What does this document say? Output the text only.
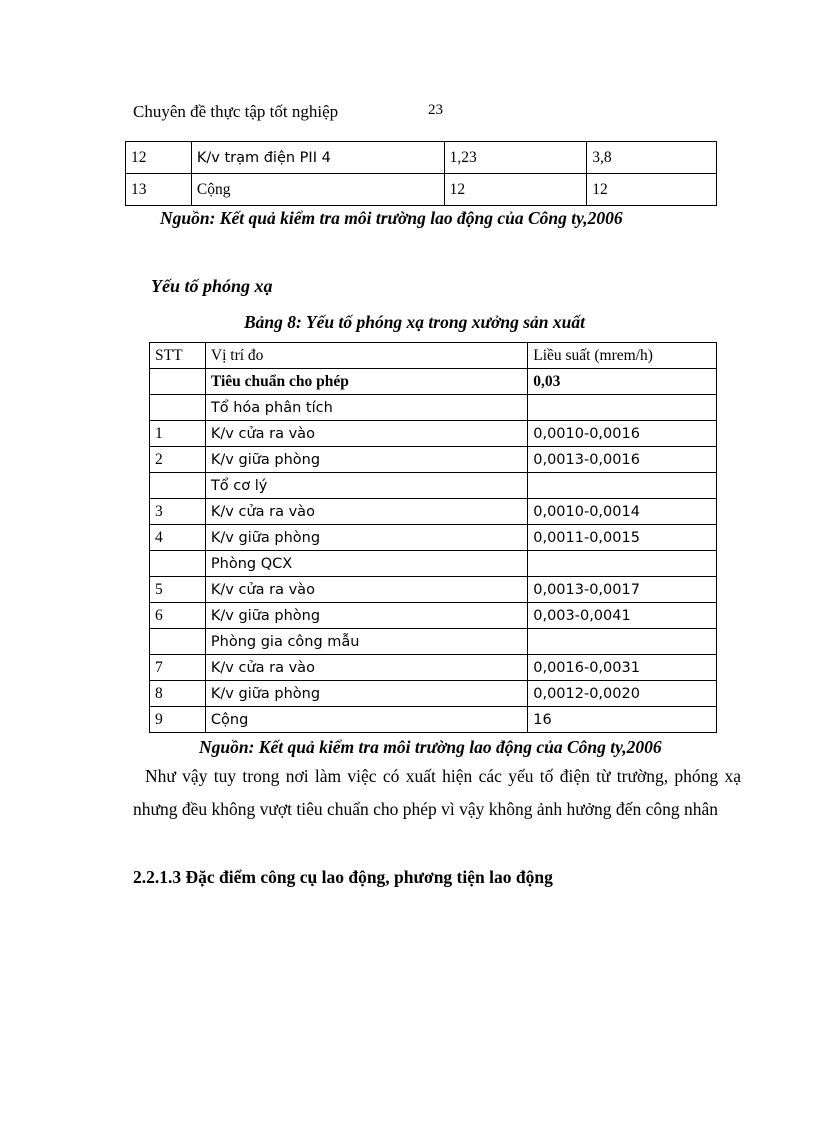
Chuyên đề thực tập tốt nghiệp	23
12	K/v trạm điện PII 4	1,23	3,8
13	Cộng	12	12
Nguồn: Kết quả kiểm tra môi trường lao động của Công ty,2006
Yếu tố phóng xạ
Bảng 8: Yếu tố phóng xạ trong xưởng sản xuất
STT	Vị trí đo	Liều suất (mrem/h)
	Tiêu chuẩn cho phép	0,03
	Tổ hóa phân tích	
1	K/v cửa ra vào	0,0010-0,0016
2	K/v giữa phòng	0,0013-0,0016
	Tổ cơ lý	
3	K/v cửa ra vào	0,0010-0,0014
4	K/v giữa phòng	0,0011-0,0015
	Phòng QCX	
5	K/v cửa ra vào	0,0013-0,0017
6	K/v giữa phòng	0,003-0,0041
	Phòng gia công mẫu	
7	K/v cửa ra vào	0,0016-0,0031
8	K/v giữa phòng	0,0012-0,0020
9	Cộng	16
Nguồn: Kết quả kiểm tra môi trường lao động của Công ty,2006
Như vậy tuy trong nơi làm việc có xuất hiện các yếu tố điện từ trường, phóng xạ nhưng đều không vượt tiêu chuẩn cho phép vì vậy không ảnh hưởng đến công nhân
2.2.1.3 Đặc điểm công cụ lao động, phương tiện lao động
